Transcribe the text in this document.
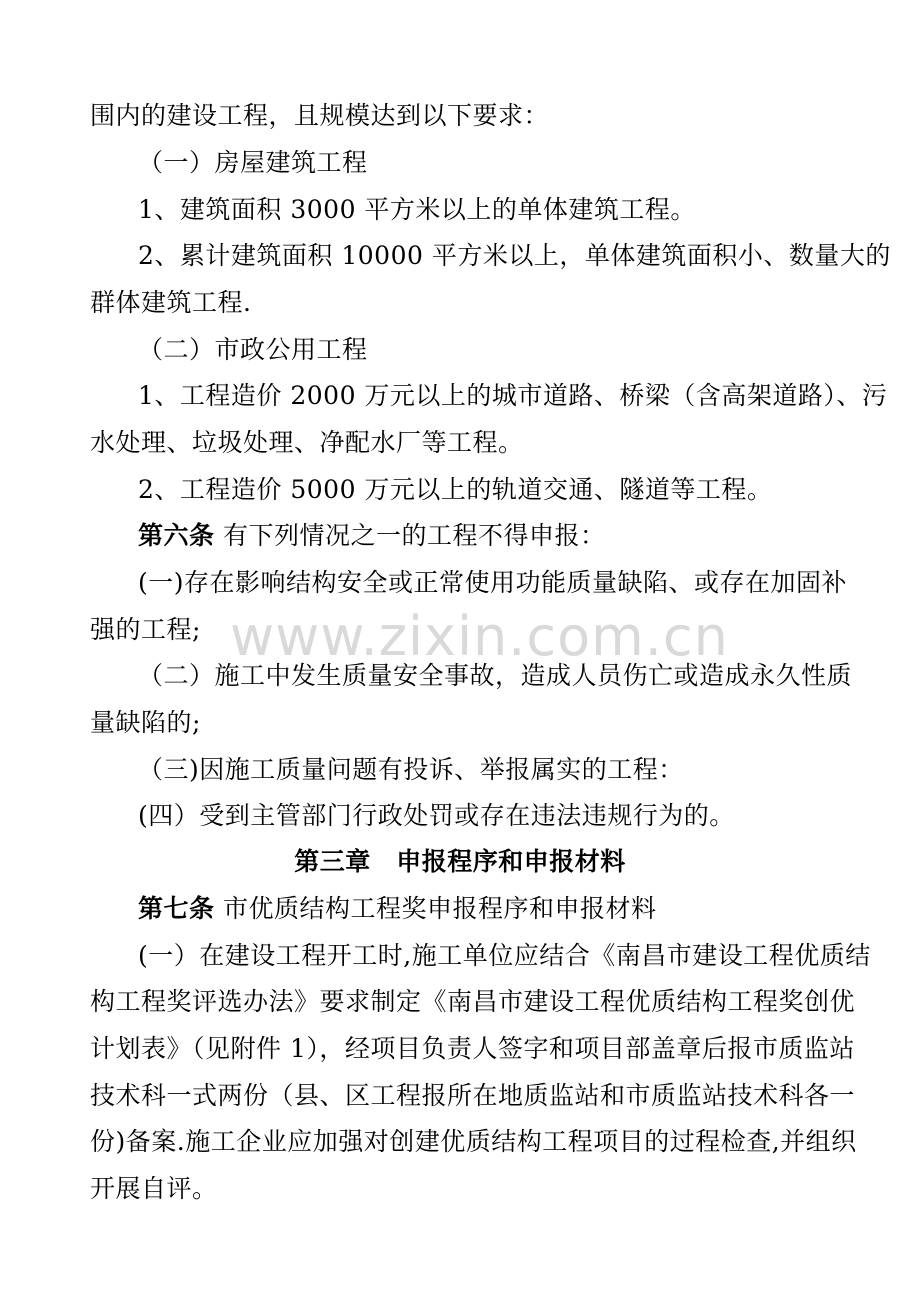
围内的建设工程，且规模达到以下要求：
（一）房屋建筑工程
1、建筑面积 3000 平方米以上的单体建筑工程。
2、累计建筑面积 10000 平方米以上，单体建筑面积小、数量大的
群体建筑工程.
（二）市政公用工程
1、工程造价 2000 万元以上的城市道路、桥梁（含高架道路）、污
水处理、垃圾处理、净配水厂等工程。
2、工程造价 5000 万元以上的轨道交通、隧道等工程。
第六条 有下列情况之一的工程不得申报：
(一)存在影响结构安全或正常使用功能质量缺陷、或存在加固补
强的工程;
（二）施工中发生质量安全事故，造成人员伤亡或造成永久性质
量缺陷的;
（三)因施工质量问题有投诉、举报属实的工程：
(四）受到主管部门行政处罚或存在违法违规行为的。
第三章　申报程序和申报材料
第七条 市优质结构工程奖申报程序和申报材料
(一）在建设工程开工时,施工单位应结合《南昌市建设工程优质结
构工程奖评选办法》要求制定《南昌市建设工程优质结构工程奖创优
计划表》（见附件 1），经项目负责人签字和项目部盖章后报市质监站
技术科一式两份（县、区工程报所在地质监站和市质监站技术科各一
份)备案.施工企业应加强对创建优质结构工程项目的过程检查,并组织
开展自评。
www.zixin.com.cn
